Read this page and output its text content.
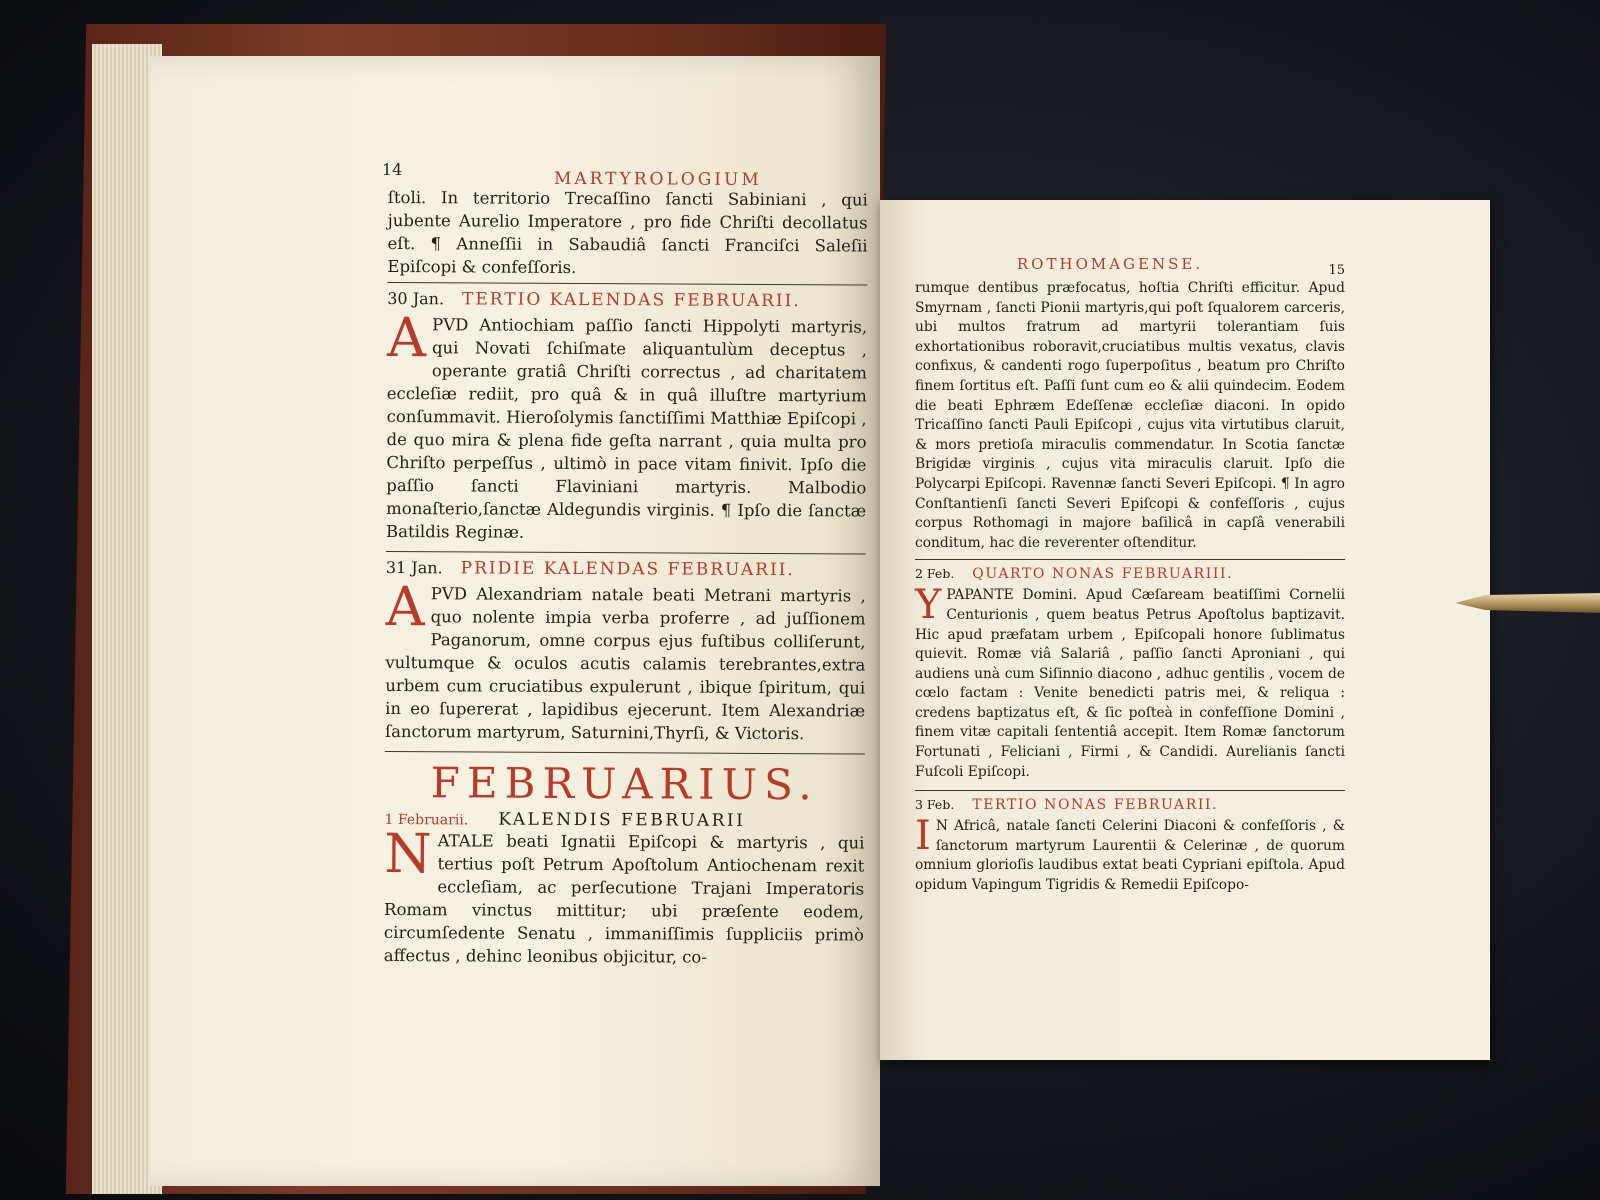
14	MARTYROLOGIUM

ſtoli. In territorio Trecaſſino ſancti Sabiniani , qui jubente Aurelio Imperatore , pro fide Chriſti decollatus eſt. ¶ Anneſſii in Sabaudiâ ſancti Franciſci Saleſii Epiſcopi & confeſſoris.

30 Jan. TERTIO KALENDAS FEBRUARII.

APVD Antiochiam paſſio ſancti Hippolyti martyris, qui Novati ſchiſmate aliquantulùm deceptus , operante gratiâ Chriſti correctus , ad charitatem eccleſiæ rediit, pro quâ & in quâ illuſtre martyrium conſummavit. Hieroſolymis ſanctiſſimi Matthiæ Epiſcopi , de quo mira & plena fide geſta narrant , quia multa pro Chriſto perpeſſus , ultimò in pace vitam finivit. Ipſo die paſſio ſancti Flaviniani martyris. Malbodio monaſterio,ſanctæ Aldegundis virginis. ¶ Ipſo die ſanctæ Batildis Reginæ.

31 Jan. PRIDIE KALENDAS FEBRUARII.

APVD Alexandriam natale beati Metrani martyris , quo nolente impia verba proferre , ad juſſionem Paganorum, omne corpus ejus fuſtibus colliſerunt, vultumque & oculos acutis calamis terebrantes,extra urbem cum cruciatibus expulerunt , ibique ſpiritum, qui in eo ſupererat , lapidibus ejecerunt. Item Alexandriæ ſanctorum martyrum, Saturnini,Thyrſi, & Victoris.

FEBRUARIUS.
1 Februarii. KALENDIS FEBRUARII

NATALE beati Ignatii Epiſcopi & martyris , qui tertius poſt Petrum Apoſtolum Antiochenam rexit eccleſiam, ac perſecutione Trajani Imperatoris Romam vinctus mittitur; ubi præſente eodem, circumſedente Senatu , immaniſſimis ſuppliciis primò affectus , dehinc leonibus objicitur, co-

ROTHOMAGENSE.	15

rumque dentibus præfocatus, hoſtia Chriſti efficitur. Apud Smyrnam , ſancti Pionii martyris,qui poſt ſqualorem carceris, ubi multos fratrum ad martyrii tolerantiam ſuis exhortationibus roboravit,cruciatibus multis vexatus, clavis confixus, & candenti rogo ſuperpoſitus , beatum pro Chriſto finem ſortitus eſt. Paſſi ſunt cum eo & alii quindecim. Eodem die beati Ephræm Edeſſenæ eccleſiæ diaconi. In opido Tricaſſino ſancti Pauli Epiſcopi , cujus vita virtutibus claruit, & mors pretioſa miraculis commendatur. In Scotia ſanctæ Brigidæ virginis , cujus vita miraculis claruit. Ipſo die Polycarpi Epiſcopi. Ravennæ ſancti Severi Epiſcopi. ¶ In agro Conſtantienſi ſancti Severi Epiſcopi & confeſſoris , cujus corpus Rothomagi in majore baſilicâ in capſâ venerabili conditum, hac die reverenter oſtenditur.

2 Feb. QUARTO NONAS FEBRUARIII.

YPAPANTE Domini. Apud Cæſaream beatiſſimi Cornelii Centurionis , quem beatus Petrus Apoſtolus baptizavit. Hic apud præfatam urbem , Epiſcopali honore ſublimatus quievit. Romæ viâ Salariâ , paſſio ſancti Aproniani , qui audiens unà cum Siſinnio diacono , adhuc gentilis , vocem de cœlo factam : Venite benedicti patris mei, & reliqua : credens baptizatus eſt, & ſic poſteà in confeſſione Domini , finem vitæ capitali ſententiâ accepit. Item Romæ ſanctorum Fortunati , Feliciani , Firmi , & Candidi. Aurelianis ſancti Fuſcoli Epiſcopi.

3 Feb. TERTIO NONAS FEBRUARII.

I N Africâ, natale ſancti Celerini Diaconi & confeſſoris , & ſanctorum martyrum Laurentii & Celerinæ , de quorum omnium glorioſis laudibus extat beati Cypriani epiſtola. Apud opidum Vapingum Tigridis & Remedii Epiſcopo-
